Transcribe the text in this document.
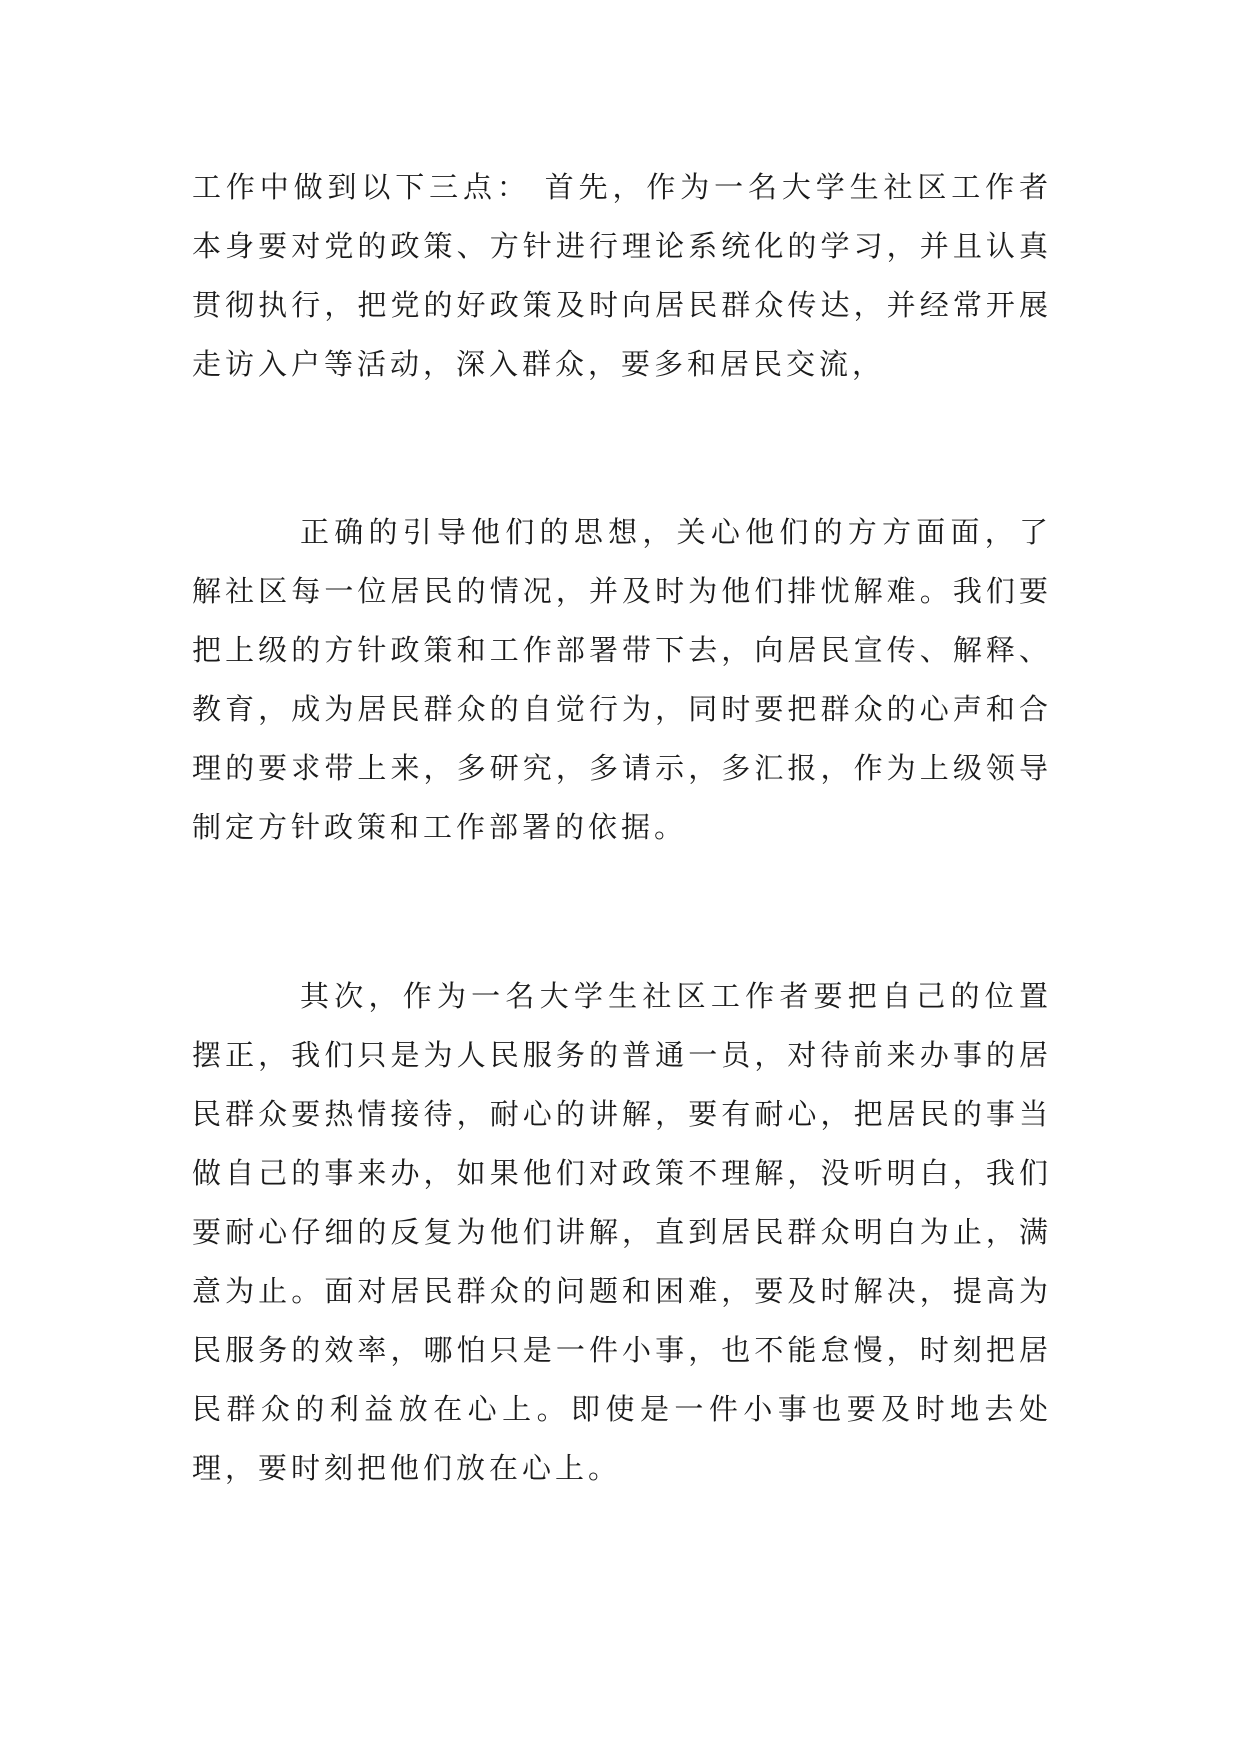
工作中做到以下三点： 首先，作为一名大学生社区工作者本身要对党的政策、方针进行理论系统化的学习，并且认真贯彻执行，把党的好政策及时向居民群众传达，并经常开展走访入户等活动，深入群众，要多和居民交流，

正确的引导他们的思想，关心他们的方方面面，了解社区每一位居民的情况，并及时为他们排忧解难。我们要把上级的方针政策和工作部署带下去，向居民宣传、解释、教育，成为居民群众的自觉行为，同时要把群众的心声和合理的要求带上来，多研究，多请示，多汇报，作为上级领导制定方针政策和工作部署的依据。

其次，作为一名大学生社区工作者要把自己的位置摆正，我们只是为人民服务的普通一员，对待前来办事的居民群众要热情接待，耐心的讲解，要有耐心，把居民的事当做自己的事来办，如果他们对政策不理解，没听明白，我们要耐心仔细的反复为他们讲解，直到居民群众明白为止，满意为止。面对居民群众的问题和困难，要及时解决，提高为民服务的效率，哪怕只是一件小事，也不能怠慢，时刻把居民群众的利益放在心上。即使是一件小事也要及时地去处理，要时刻把他们放在心上。
